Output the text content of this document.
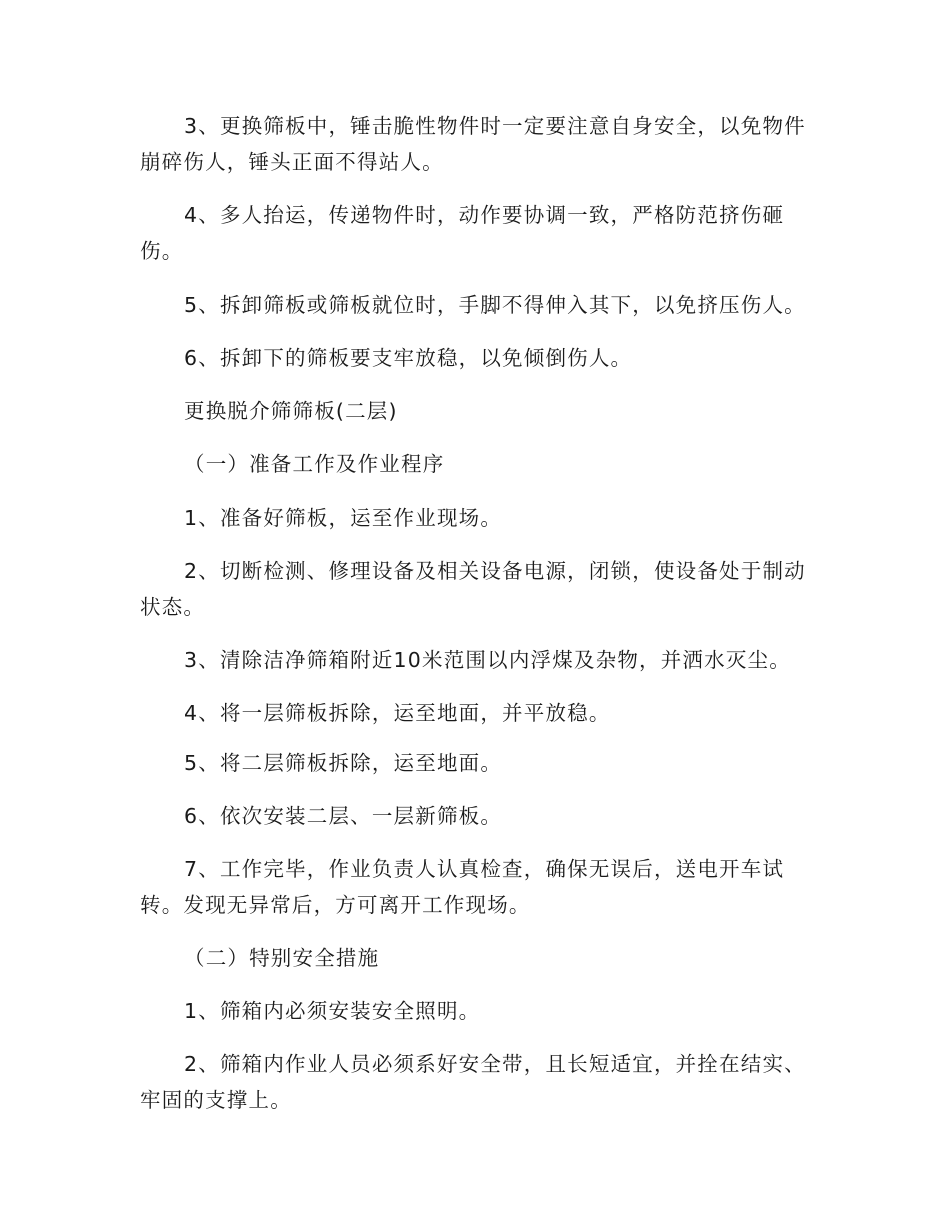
3、更换筛板中，锤击脆性物件时一定要注意自身安全，以免物件
崩碎伤人，锤头正面不得站人。

4、多人抬运，传递物件时，动作要协调一致，严格防范挤伤砸
伤。

5、拆卸筛板或筛板就位时，手脚不得伸入其下，以免挤压伤人。

6、拆卸下的筛板要支牢放稳，以免倾倒伤人。

更换脱介筛筛板(二层)

（一）准备工作及作业程序

1、准备好筛板，运至作业现场。

2、切断检测、修理设备及相关设备电源，闭锁，使设备处于制动
状态。

3、清除洁净筛箱附近10米范围以内浮煤及杂物，并洒水灭尘。

4、将一层筛板拆除，运至地面，并平放稳。

5、将二层筛板拆除，运至地面。

6、依次安装二层、一层新筛板。

7、工作完毕，作业负责人认真检查，确保无误后，送电开车试
转。发现无异常后，方可离开工作现场。

（二）特别安全措施

1、筛箱内必须安装安全照明。

2、筛箱内作业人员必须系好安全带，且长短适宜，并拴在结实、
牢固的支撑上。
